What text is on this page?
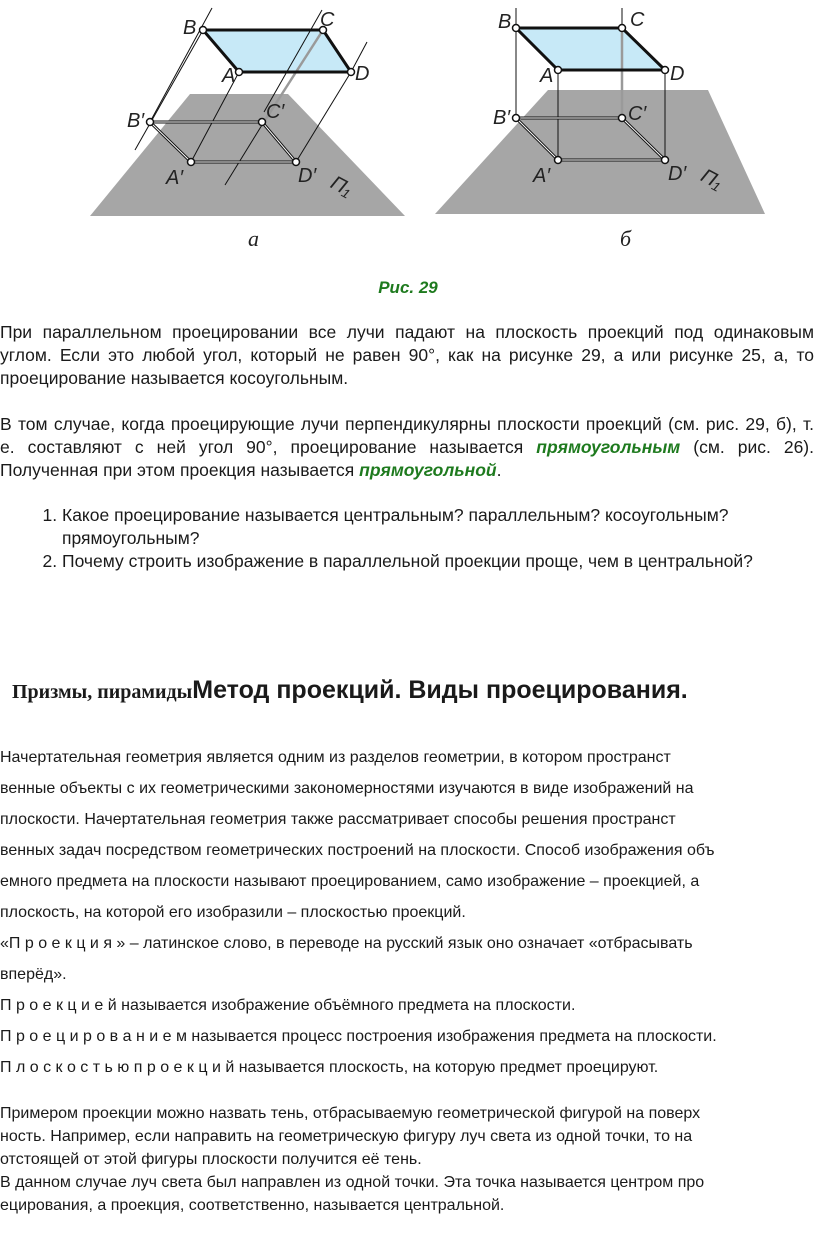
B	C
A	D
B′	C′
A′	D′ Π₁
а
B	C
A	D
B′	C′
A′	D′ Π₁
б
Рис. 29

При параллельном проецировании все лучи падают на плоскость проекций под одинаковым углом. Если это любой угол, который не равен 90°, как на рисунке 29, а или рисунке 25, а, то проецирование называется косоугольным.

В том случае, когда проецирующие лучи перпендикулярны плоскости проекций (см. рис. 29, б), т. е. составляют с ней угол 90°, проецирование называется прямоугольным (см. рис. 26). Полученная при этом проекция называется прямоугольной.

1. Какое проецирование называется центральным? параллельным? косоугольным? прямоугольным?
2. Почему строить изображение в параллельной проекции проще, чем в центральной?
Призмы, пирамидыМетод проекций. Виды проецирования.
Начертательная геометрия является одним из разделов геометрии, в котором пространст
венные объекты с их геометрическими закономерностями изучаются в виде изображений на
плоскости. Начертательная геометрия также рассматривает способы решения пространст
венных задач посредством геометрических построений на плоскости. Способ изображения объ
емного предмета на плоскости называют проецированием, само изображение – проекцией, а
плоскость, на которой его изобразили – плоскостью проекций.
«П р о е к ц и я » – латинское слово, в переводе на русский язык оно означает «отбрасывать
вперёд».
П р о е к ц и е й называется изображение объёмного предмета на плоскости.
П р о е ц и р о в а н и е м называется процесс построения изображения предмета на плоскости.
П л о с к о с т ь ю п р о е к ц и й называется плоскость, на которую предмет проецируют.
Примером проекции можно назвать тень, отбрасываемую геометрической фигурой на поверх
ность. Например, если направить на геометрическую фигуру луч света из одной точки, то на
отстоящей от этой фигуры плоскости получится её тень.
В данном случае луч света был направлен из одной точки. Эта точка называется центром про
ецирования, а проекция, соответственно, называется центральной.
